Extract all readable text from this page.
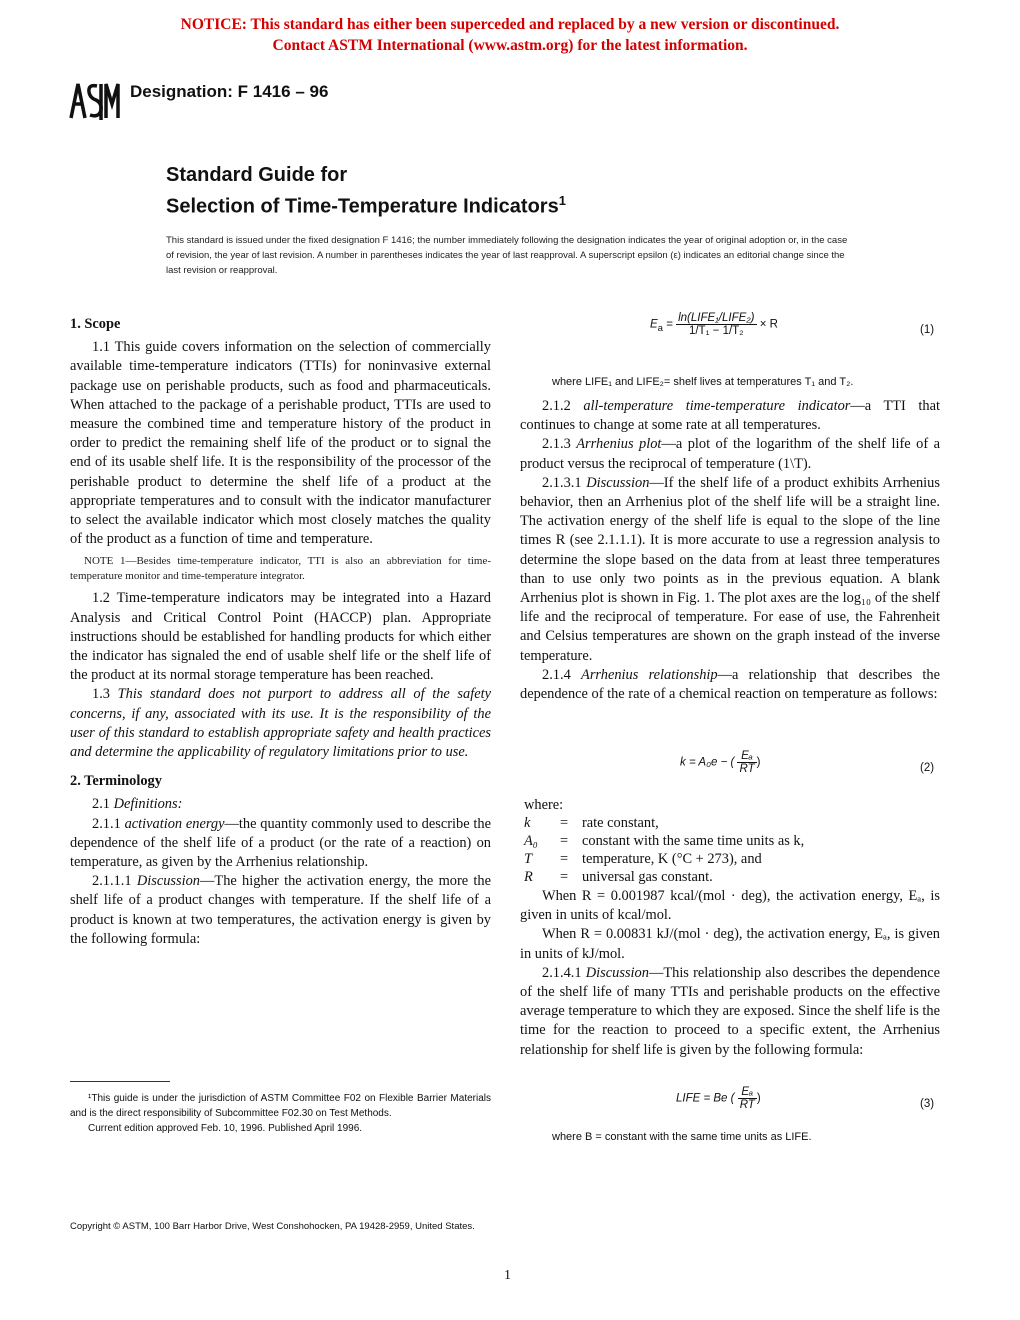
NOTICE: This standard has either been superceded and replaced by a new version or discontinued.
Contact ASTM International (www.astm.org) for the latest information.
Designation: F 1416 – 96
Standard Guide for
Selection of Time-Temperature Indicators$^1$
This standard is issued under the fixed designation F 1416; the number immediately following the designation indicates the year of original adoption or, in the case of revision, the year of last revision. A number in parentheses indicates the year of last reapproval. A superscript epsilon (ε) indicates an editorial change since the last revision or reapproval.

1. Scope

1.1 This guide covers information on the selection of commercially available time-temperature indicators (TTIs) for noninvasive external package use on perishable products, such as food and pharmaceuticals. When attached to the package of a perishable product, TTIs are used to measure the combined time and temperature history of the product in order to predict the remaining shelf life of the product or to signal the end of its usable shelf life. It is the responsibility of the processor of the perishable product to determine the shelf life of a product at the appropriate temperatures and to consult with the indicator manufacturer to select the available indicator which most closely matches the quality of the product as a function of time and temperature.

NOTE 1—Besides time-temperature indicator, TTI is also an abbreviation for time-temperature monitor and time-temperature integrator.

1.2 Time-temperature indicators may be integrated into a Hazard Analysis and Critical Control Point (HACCP) plan. Appropriate instructions should be established for handling products for which either the indicator has signaled the end of usable shelf life or the shelf life of the product at its normal storage temperature has been reached.

1.3 This standard does not purport to address all of the safety concerns, if any, associated with its use. It is the responsibility of the user of this standard to establish appropriate safety and health practices and determine the applicability of regulatory limitations prior to use.

2. Terminology

2.1 Definitions:

2.1.1 activation energy—the quantity commonly used to describe the dependence of the shelf life of a product (or the rate of a reaction) on temperature, as given by the Arrhenius relationship.

2.1.1.1 Discussion—The higher the activation energy, the more the shelf life of a product changes with temperature. If the shelf life of a product is known at two temperatures, the activation energy is given by the following formula:

$E_a = \frac{\text{ln(LIFE₁/LIFE₂)}}{\text{1/T₁ − 1/T₂}} \times R$	(1)
where LIFE₁ and LIFE₂= shelf lives at temperatures T₁ and T₂.

2.1.2 all-temperature time-temperature indicator—a TTI that continues to change at some rate at all temperatures.

2.1.3 Arrhenius plot—a plot of the logarithm of the shelf life of a product versus the reciprocal of temperature (1\T).

2.1.3.1 Discussion—If the shelf life of a product exhibits Arrhenius behavior, then an Arrhenius plot of the shelf life will be a straight line. The activation energy of the shelf life is equal to the slope of the line times R (see 2.1.1.1). It is more accurate to use a regression analysis to determine the slope based on the data from at least three temperatures than to use only two points as in the previous equation. A blank Arrhenius plot is shown in Fig. 1. The plot axes are the log₁₀ of the shelf life and the reciprocal of temperature. For ease of use, the Fahrenheit and Celsius temperatures are shown on the graph instead of the inverse temperature.

2.1.4 Arrhenius relationship—a relationship that describes the dependence of the rate of a chemical reaction on temperature as follows:

k = A₀e − ( $\frac{\text{Eₐ}}{RT}$ )	(2)
where:
k	= rate constant,
A₀	= constant with the same time units as k,
T	= temperature, K (°C + 273), and
R	= universal gas constant.

When R = 0.001987 kcal/(mol · deg), the activation energy, Eₐ, is given in units of kcal/mol.

When R = 0.00831 kJ/(mol · deg), the activation energy, Eₐ, is given in units of kJ/mol.

2.1.4.1 Discussion—This relationship also describes the dependence of the shelf life of many TTIs and perishable products on the effective average temperature to which they are exposed. Since the shelf life is the time for the reaction to proceed to a specific extent, the Arrhenius relationship for shelf life is given by the following formula:

LIFE = Be ( $\frac{\text{Eₐ}}{RT}$ )	(3)
where B = constant with the same time units as LIFE.

¹This guide is under the jurisdiction of ASTM Committee F02 on Flexible Barrier Materials and is the direct responsibility of Subcommittee F02.30 on Test Methods.

Current edition approved Feb. 10, 1996. Published April 1996.

Copyright © ASTM, 100 Barr Harbor Drive, West Conshohocken, PA 19428-2959, United States.
1
